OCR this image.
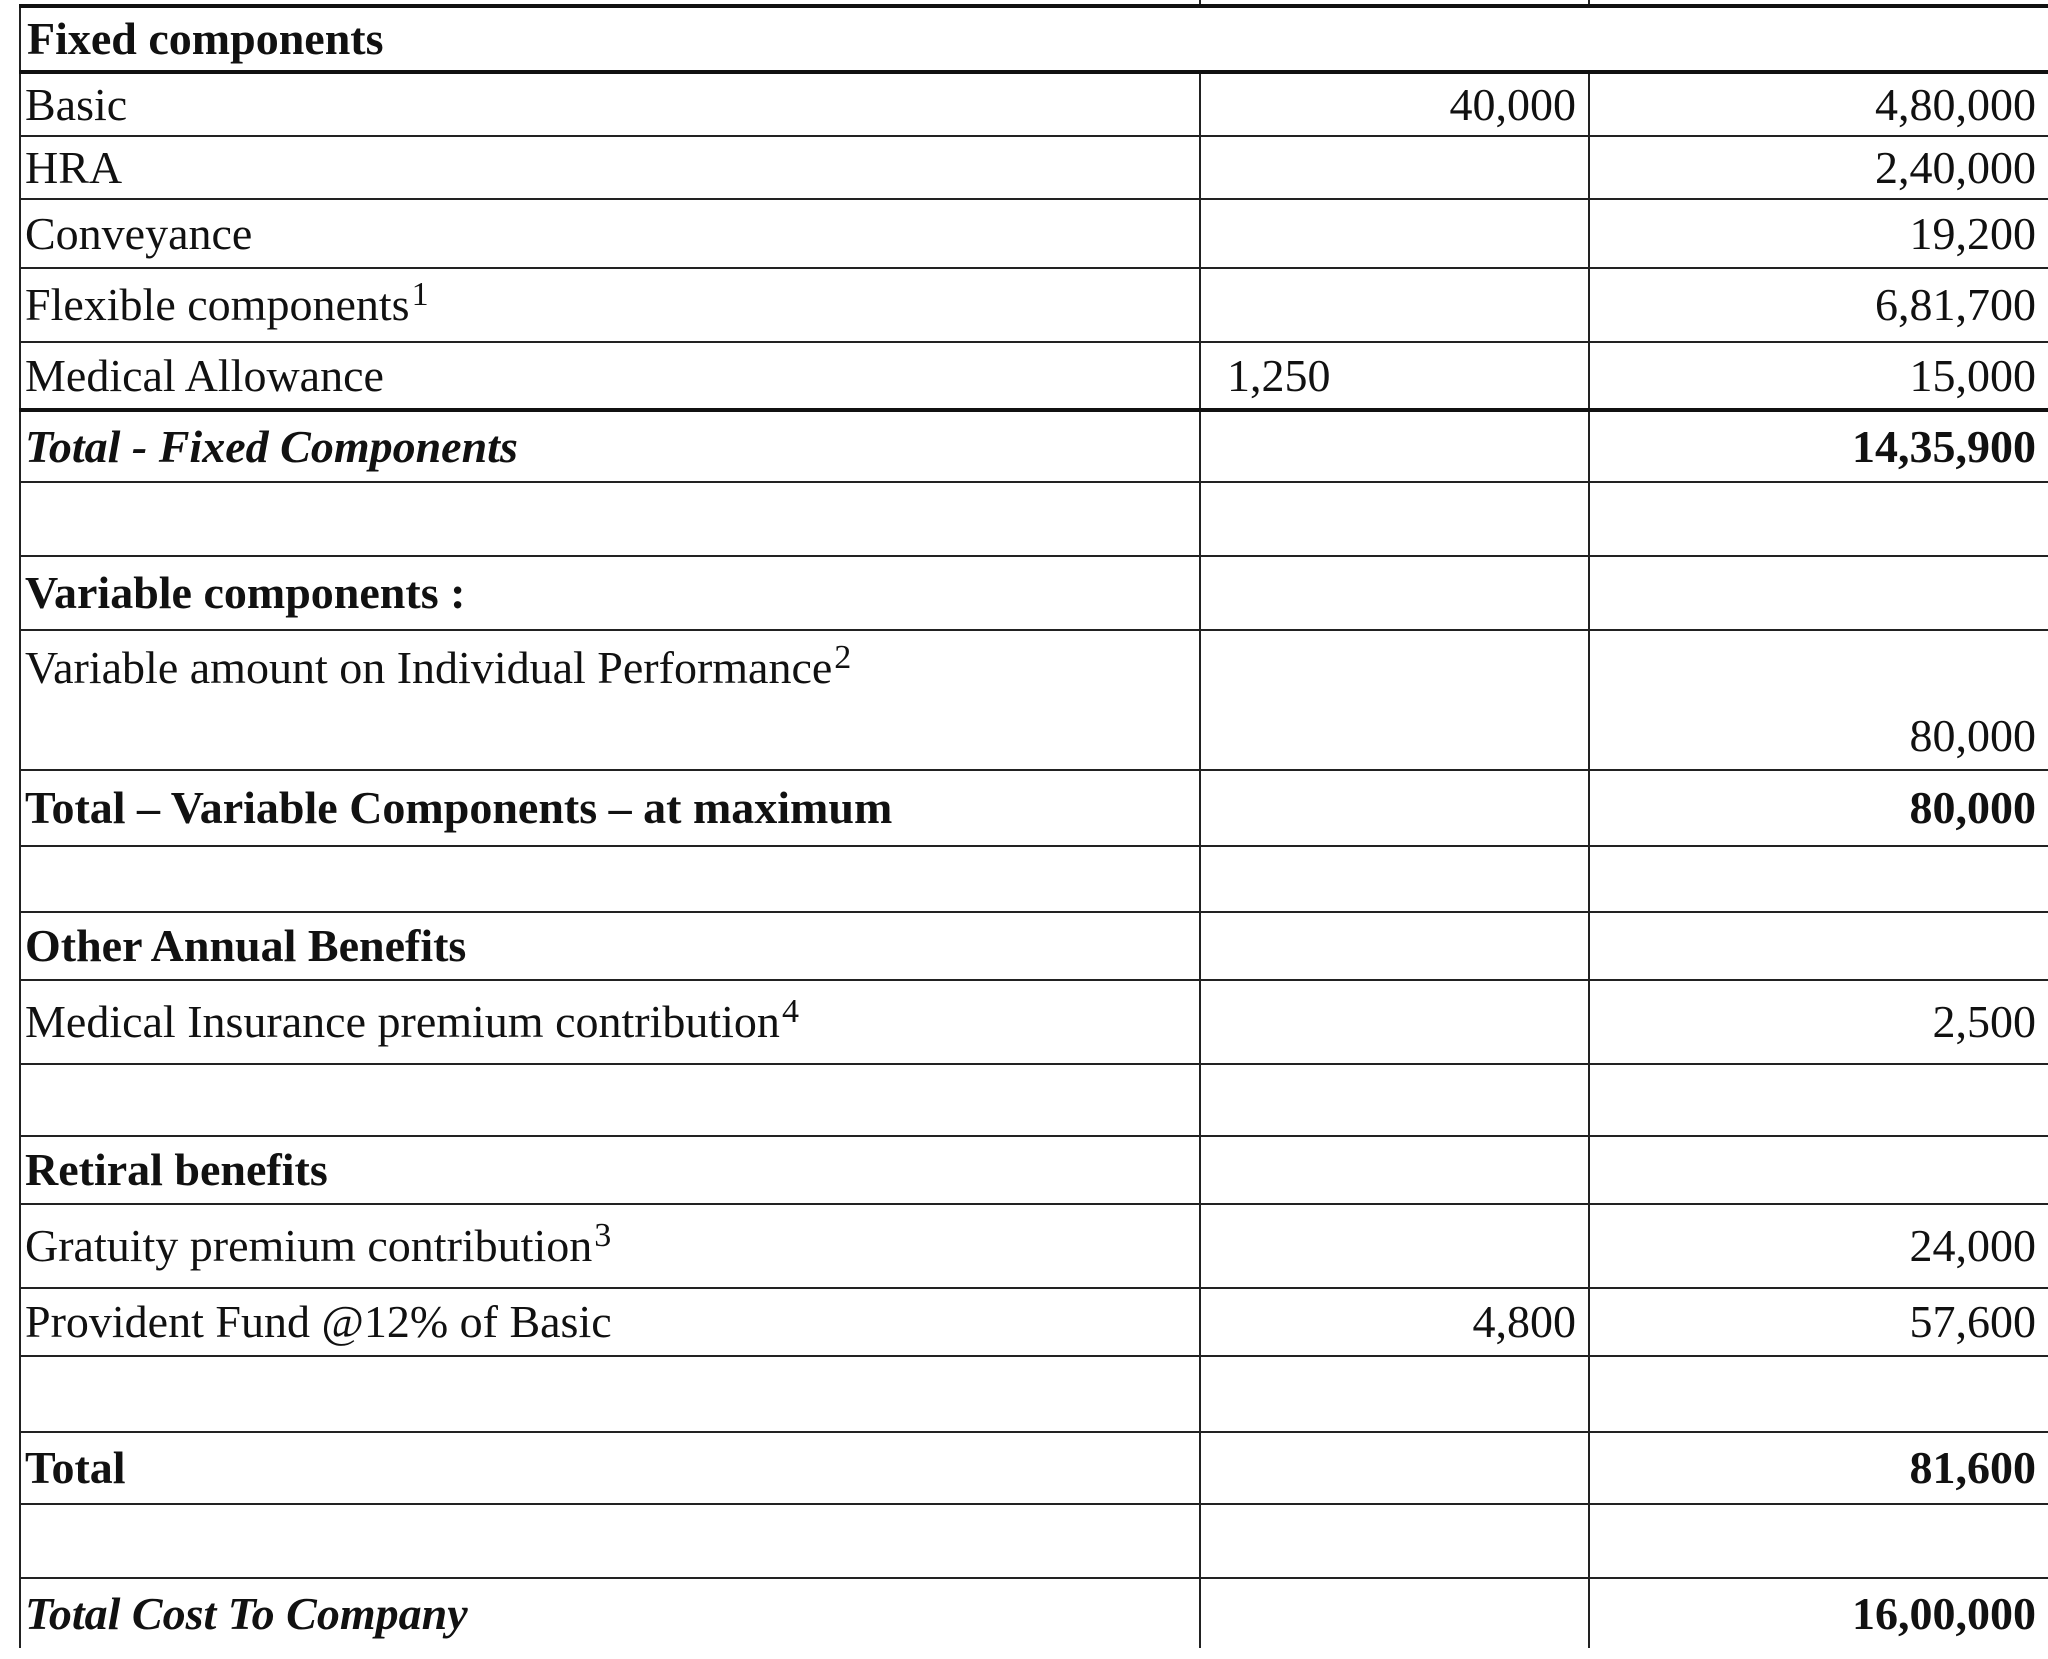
Fixed components		
Basic	40,000	4,80,000
HRA		2,40,000
Conveyance		19,200
Flexible components$^1$		6,81,700
Medical Allowance	1,250	15,000
Total - Fixed Components		14,35,900

Variable components :		
Variable amount on Individual Performance$^2$		80,000
Total – Variable Components – at maximum		80,000

Other Annual Benefits		
Medical Insurance premium contribution$^4$		2,500

Retiral benefits		
Gratuity premium contribution$^3$		24,000
Provident Fund @12% of Basic	4,800	57,600

Total		81,600

Total Cost To Company		16,00,000
